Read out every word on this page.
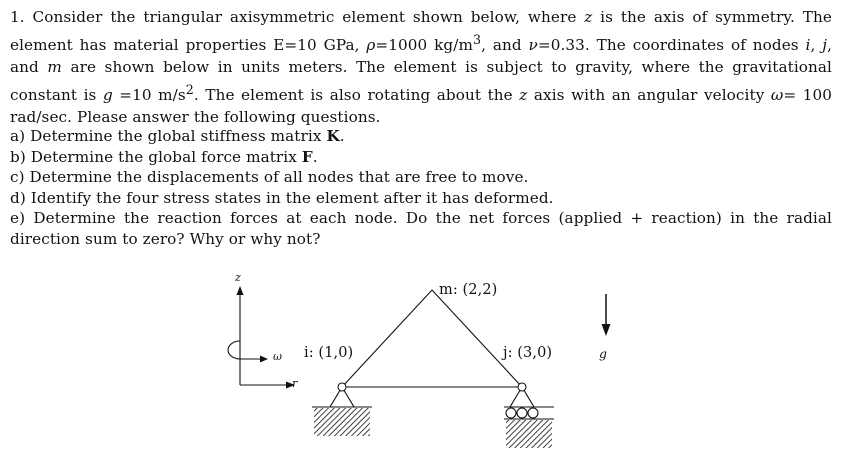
1. Consider the triangular axisymmetric element shown below, where z is the axis of symmetry. The element has material properties E=10 GPa, ρ=1000 $kg/m^3$, and ν=0.33. The coordinates of nodes i, j, and m are shown below in units meters. The element is subject to gravity, where the gravitational constant is g =10 $m/s^2$. The element is also rotating about the z axis with an angular velocity ω= 100 rad/sec. Please answer the following questions.
a) Determine the global stiffness matrix K.
b) Determine the global force matrix F.
c) Determine the displacements of all nodes that are free to move.
d) Identify the four stress states in the element after it has deformed.
e) Determine the reaction forces at each node. Do the net forces (applied + reaction) in the radial direction sum to zero? Why or why not?
z
r
ω	g
i: (1,0)	j: (3,0)
m: (2,2)
